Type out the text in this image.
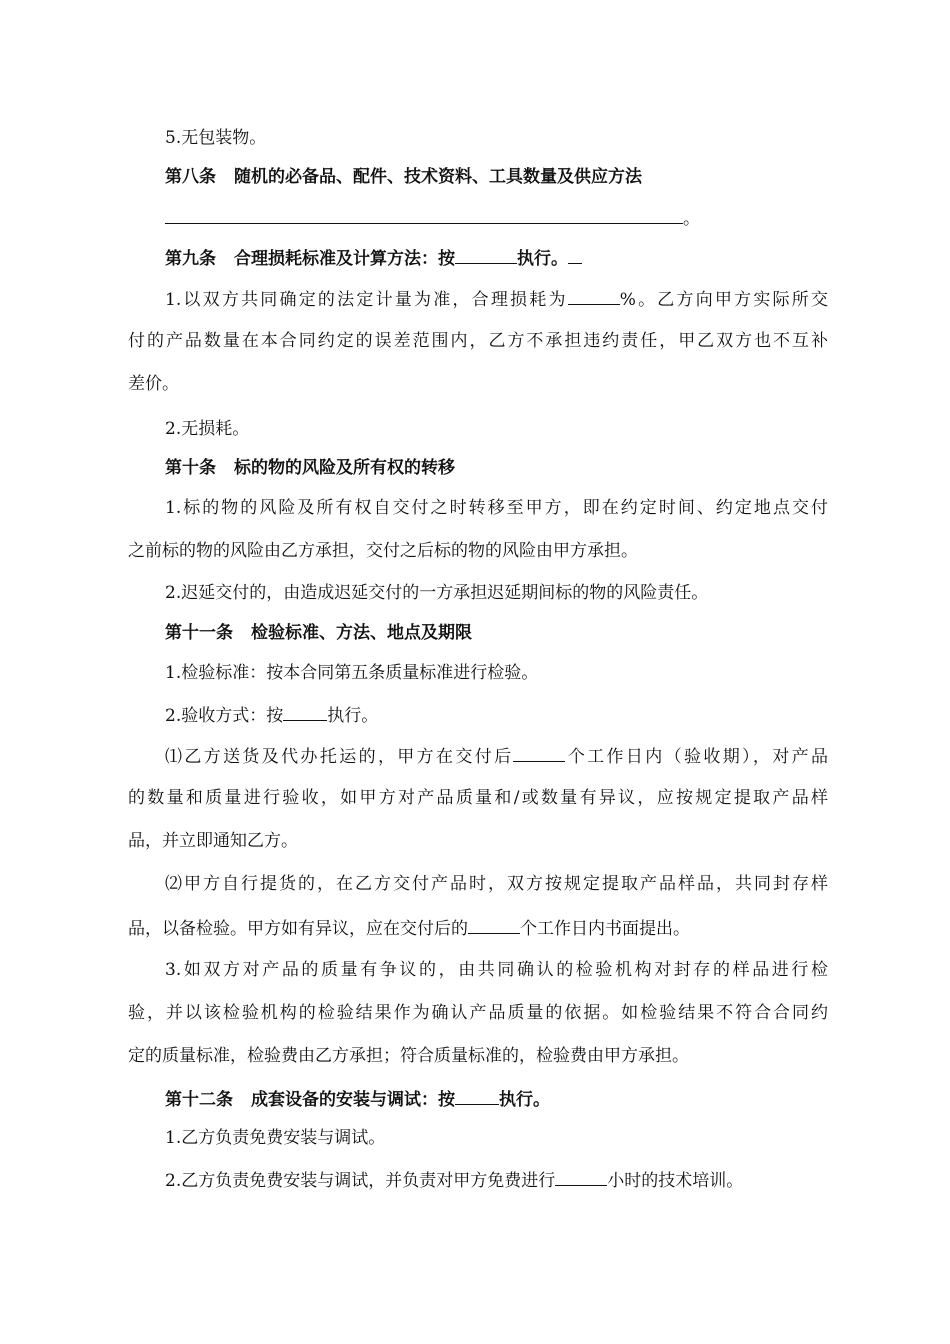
5.无包装物。
第八条 随机的必备品、配件、技术资料、工具数量及供应方法
。
第九条 合理损耗标准及计算方法：按	执行。
1.以双方共同确定的法定计量为准，合理损耗为	%。乙方向甲方实际所交
付的产品数量在本合同约定的误差范围内，乙方不承担违约责任，甲乙双方也不互补
差价。
2.无损耗。
第十条 标的物的风险及所有权的转移
1.标的物的风险及所有权自交付之时转移至甲方，即在约定时间、约定地点交付
之前标的物的风险由乙方承担，交付之后标的物的风险由甲方承担。
2.迟延交付的，由造成迟延交付的一方承担迟延期间标的物的风险责任。
第十一条 检验标准、方法、地点及期限
1.检验标准：按本合同第五条质量标准进行检验。
2.验收方式：按	执行。
⑴乙方送货及代办托运的，甲方在交付后	个工作日内（验收期），对产品
的数量和质量进行验收，如甲方对产品质量和/或数量有异议，应按规定提取产品样
品，并立即通知乙方。
⑵甲方自行提货的，在乙方交付产品时，双方按规定提取产品样品，共同封存样
品，以备检验。甲方如有异议，应在交付后的	个工作日内书面提出。
3.如双方对产品的质量有争议的，由共同确认的检验机构对封存的样品进行检
验，并以该检验机构的检验结果作为确认产品质量的依据。如检验结果不符合合同约
定的质量标准，检验费由乙方承担；符合质量标准的，检验费由甲方承担。
第十二条 成套设备的安装与调试：按	执行。
1.乙方负责免费安装与调试。
2.乙方负责免费安装与调试，并负责对甲方免费进行	小时的技术培训。
